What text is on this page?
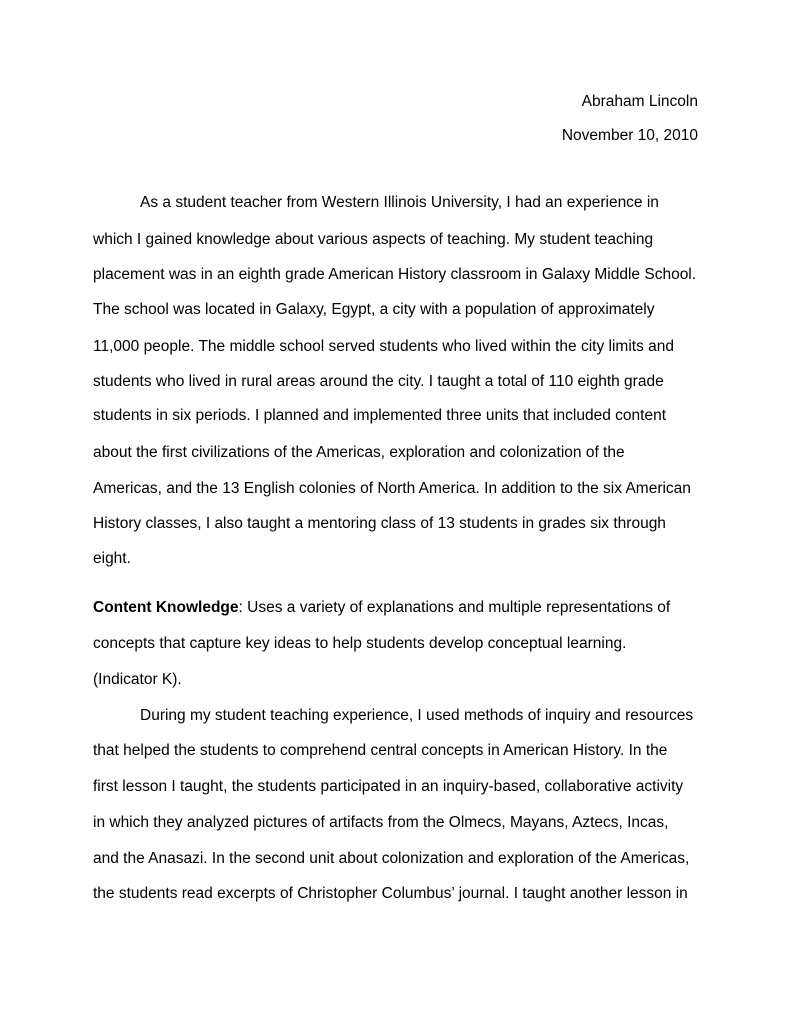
Abraham Lincoln
November 10, 2010
As a student teacher from Western Illinois University, I had an experience in
which I gained knowledge about various aspects of teaching. My student teaching
placement was in an eighth grade American History classroom in Galaxy Middle School.
The school was located in Galaxy, Egypt, a city with a population of approximately
11,000 people. The middle school served students who lived within the city limits and
students who lived in rural areas around the city. I taught a total of 110 eighth grade
students in six periods. I planned and implemented three units that included content
about the first civilizations of the Americas, exploration and colonization of the
Americas, and the 13 English colonies of North America. In addition to the six American
History classes, I also taught a mentoring class of 13 students in grades six through
eight.
Content Knowledge: Uses a variety of explanations and multiple representations of
concepts that capture key ideas to help students develop conceptual learning.
(Indicator K).
During my student teaching experience, I used methods of inquiry and resources
that helped the students to comprehend central concepts in American History. In the
first lesson I taught, the students participated in an inquiry-based, collaborative activity
in which they analyzed pictures of artifacts from the Olmecs, Mayans, Aztecs, Incas,
and the Anasazi. In the second unit about colonization and exploration of the Americas,
the students read excerpts of Christopher Columbus’ journal. I taught another lesson in
